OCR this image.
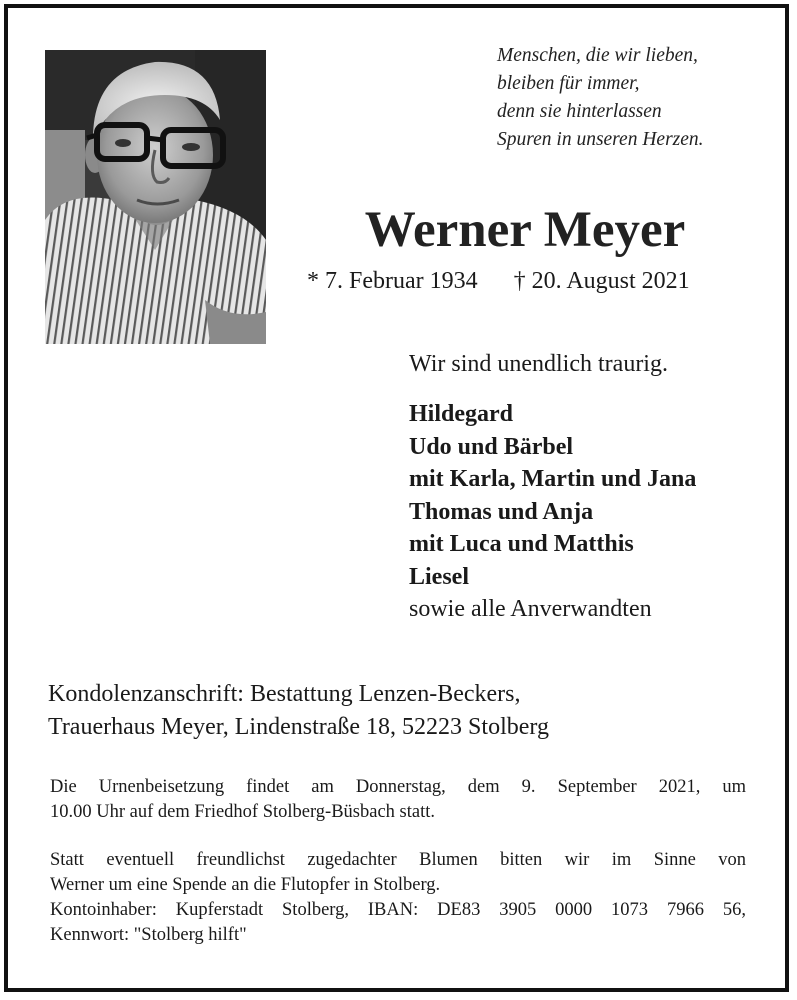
Menschen, die wir lieben,
bleiben für immer,
denn sie hinterlassen
Spuren in unseren Herzen.
Werner Meyer
* 7. Februar 1934 † 20. August 2021
Wir sind unendlich traurig.
Hildegard
Udo und Bärbel
mit Karla, Martin und Jana
Thomas und Anja
mit Luca und Matthis
Liesel
sowie alle Anverwandten
Kondolenzanschrift: Bestattung Lenzen-Beckers,
Trauerhaus Meyer, Lindenstraße 18, 52223 Stolberg
Die Urnenbeisetzung findet am Donnerstag, dem 9. September 2021, um
10.00 Uhr auf dem Friedhof Stolberg-Büsbach statt.
Statt eventuell freundlichst zugedachter Blumen bitten wir im Sinne von
Werner um eine Spende an die Flutopfer in Stolberg.
Kontoinhaber: Kupferstadt Stolberg, IBAN: DE83 3905 0000 1073 7966 56,
Kennwort: "Stolberg hilft"
